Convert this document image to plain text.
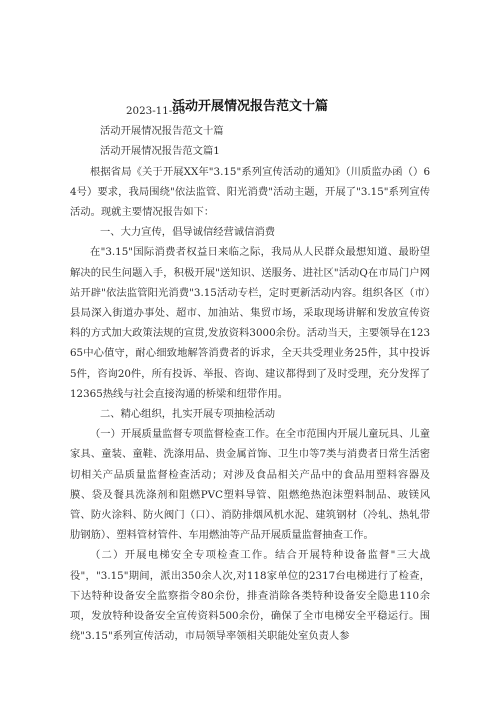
活动开展情况报告范文十篇
2023-11-26
活动开展情况报告范文十篇
活动开展情况报告范文篇1

根据省局《关于开展XX年"3.15"系列宣传活动的通知》（川质监办函（）64号）要求，我局围绕"依法监管、阳光消费"活动主题，开展了"3.15"系列宣传活动。现就主要情况报告如下：

一、大力宣传，倡导诚信经营诚信消费

在"3.15"国际消费者权益日来临之际，我局从人民群众最想知道、最盼望解决的民生问题入手，积极开展"送知识、送服务、进社区"活动Q在市局门户网站开辟"依法监管阳光消费"3.15活动专栏，定时更新活动内容。组织各区（市）县局深入街道办事处、超市、加油站、集贸市场，采取现场讲解和发放宣传资料的方式加大政策法规的宣贯,发放资料3000余份。活动当天，主要领导在12365中心值守，耐心细致地解答消费者的诉求，全天共受理业务25件，其中投诉5件，咨询20件，所有投诉、举报、咨询、建议都得到了及时受理，充分发挥了12365热线与社会直接沟通的桥梁和纽带作用。

二、精心组织，扎实开展专项抽检活动

（一）开展质量监督专项监督检查工作。在全市范围内开展儿童玩具、儿童家具、童装、童鞋、洗涤用品、贵金属首饰、卫生巾等7类与消费者日常生活密切相关产品质量监督检查活动；对涉及食品相关产品中的食品用塑料容器及膜、袋及餐具洗涤剂和阻燃PVC塑料导管、阻燃绝热泡沫塑料制品、玻镁风管、防火涂料、防火阀门（口）、消防排烟风机水泥、建筑钢材（冷轧、热轧带肋钢筋）、塑料管材管件、车用燃油等产品开展质量监督抽查工作。

（二）开展电梯安全专项检查工作。结合开展特种设备监督"三大战役"，"3.15"期间，派出350余人次,对118家单位的2317台电梯进行了检查，下达特种设备安全监察指令80余份，排查消除各类特种设备安全隐患110余项，发放特种设备安全宣传资料500余份，确保了全市电梯安全平稳运行。围绕"3.15"系列宣传活动，市局领导率领相关职能处室负责人参
